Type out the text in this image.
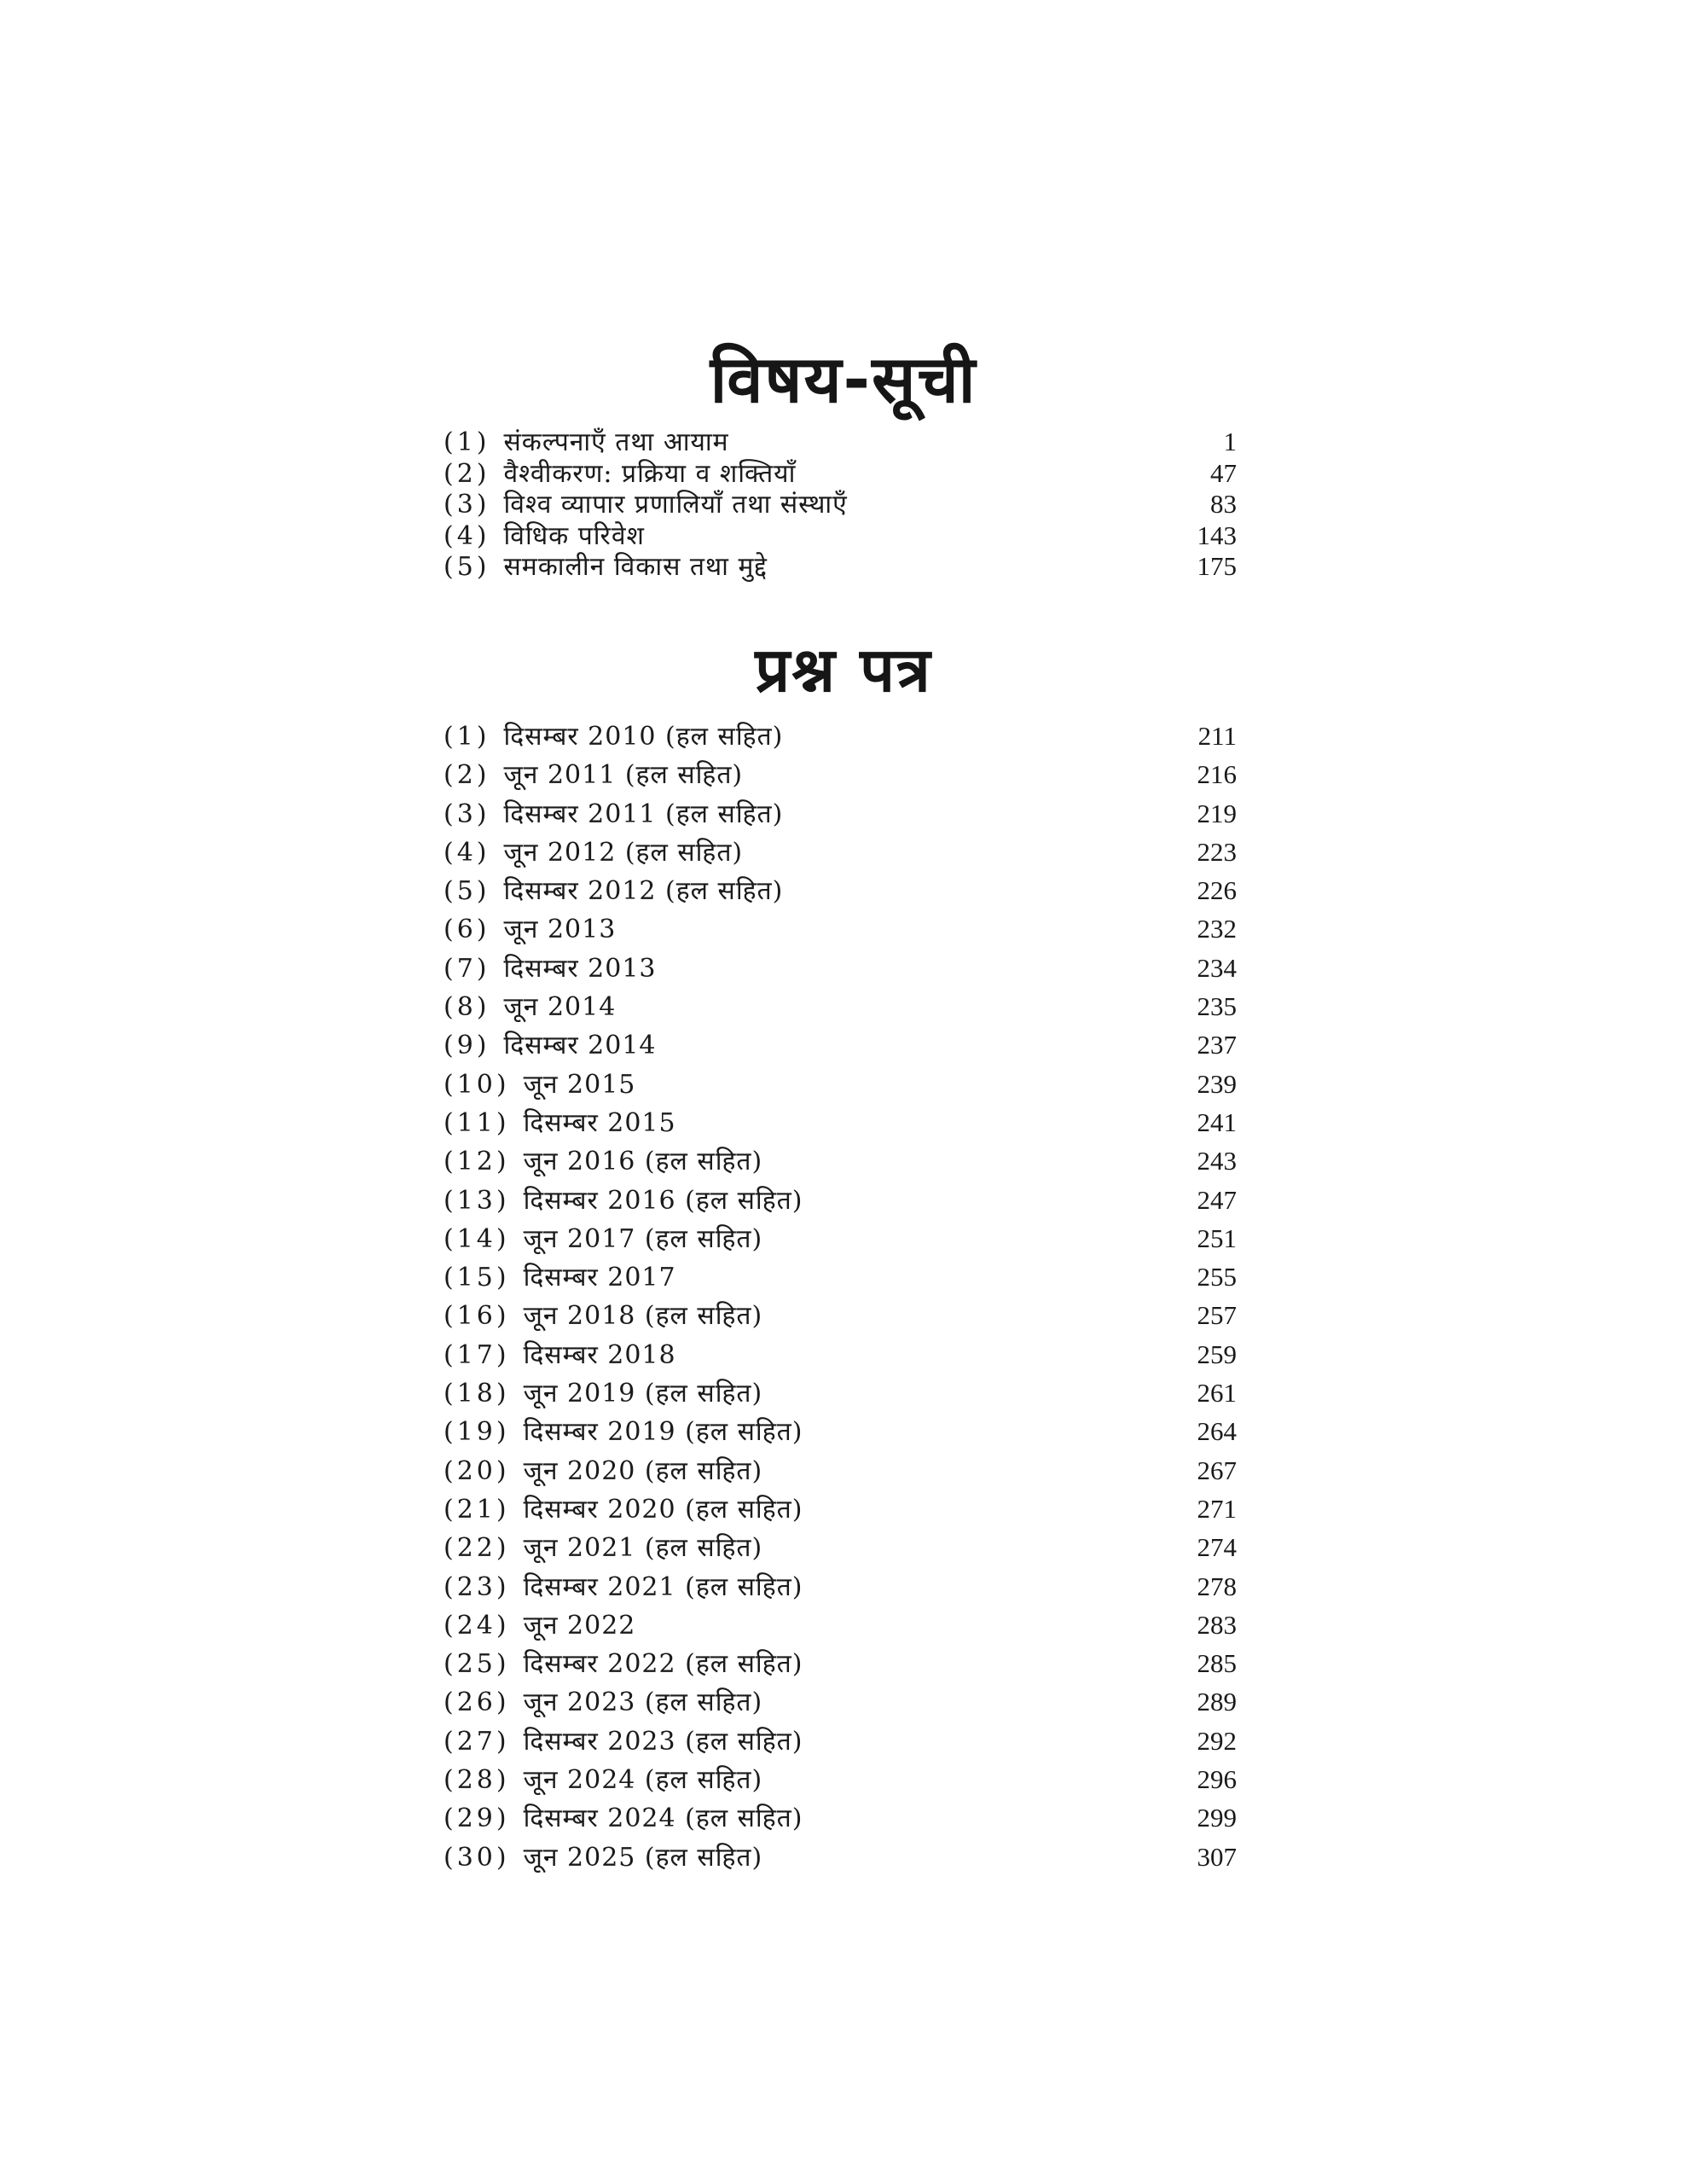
विषय-सूची
(1) संकल्पनाएँ तथा आयाम	1
(2) वैश्वीकरण: प्रक्रिया व शक्तियाँ	47
(3) विश्व व्यापार प्रणालियाँ तथा संस्थाएँ	83
(4) विधिक परिवेश	143
(5) समकालीन विकास तथा मुद्दे	175
प्रश्न पत्र
(1) दिसम्बर 2010 (हल सहित)	211
(2) जून 2011 (हल सहित)	216
(3) दिसम्बर 2011 (हल सहित)	219
(4) जून 2012 (हल सहित)	223
(5) दिसम्बर 2012 (हल सहित)	226
(6) जून 2013	232
(7) दिसम्बर 2013	234
(8) जून 2014	235
(9) दिसम्बर 2014	237
(10) जून 2015	239
(11) दिसम्बर 2015	241
(12) जून 2016 (हल सहित)	243
(13) दिसम्बर 2016 (हल सहित)	247
(14) जून 2017 (हल सहित)	251
(15) दिसम्बर 2017	255
(16) जून 2018 (हल सहित)	257
(17) दिसम्बर 2018	259
(18) जून 2019 (हल सहित)	261
(19) दिसम्बर 2019 (हल सहित)	264
(20) जून 2020 (हल सहित)	267
(21) दिसम्बर 2020 (हल सहित)	271
(22) जून 2021 (हल सहित)	274
(23) दिसम्बर 2021 (हल सहित)	278
(24) जून 2022	283
(25) दिसम्बर 2022 (हल सहित)	285
(26) जून 2023 (हल सहित)	289
(27) दिसम्बर 2023 (हल सहित)	292
(28) जून 2024 (हल सहित)	296
(29) दिसम्बर 2024 (हल सहित)	299
(30) जून 2025 (हल सहित)	307
